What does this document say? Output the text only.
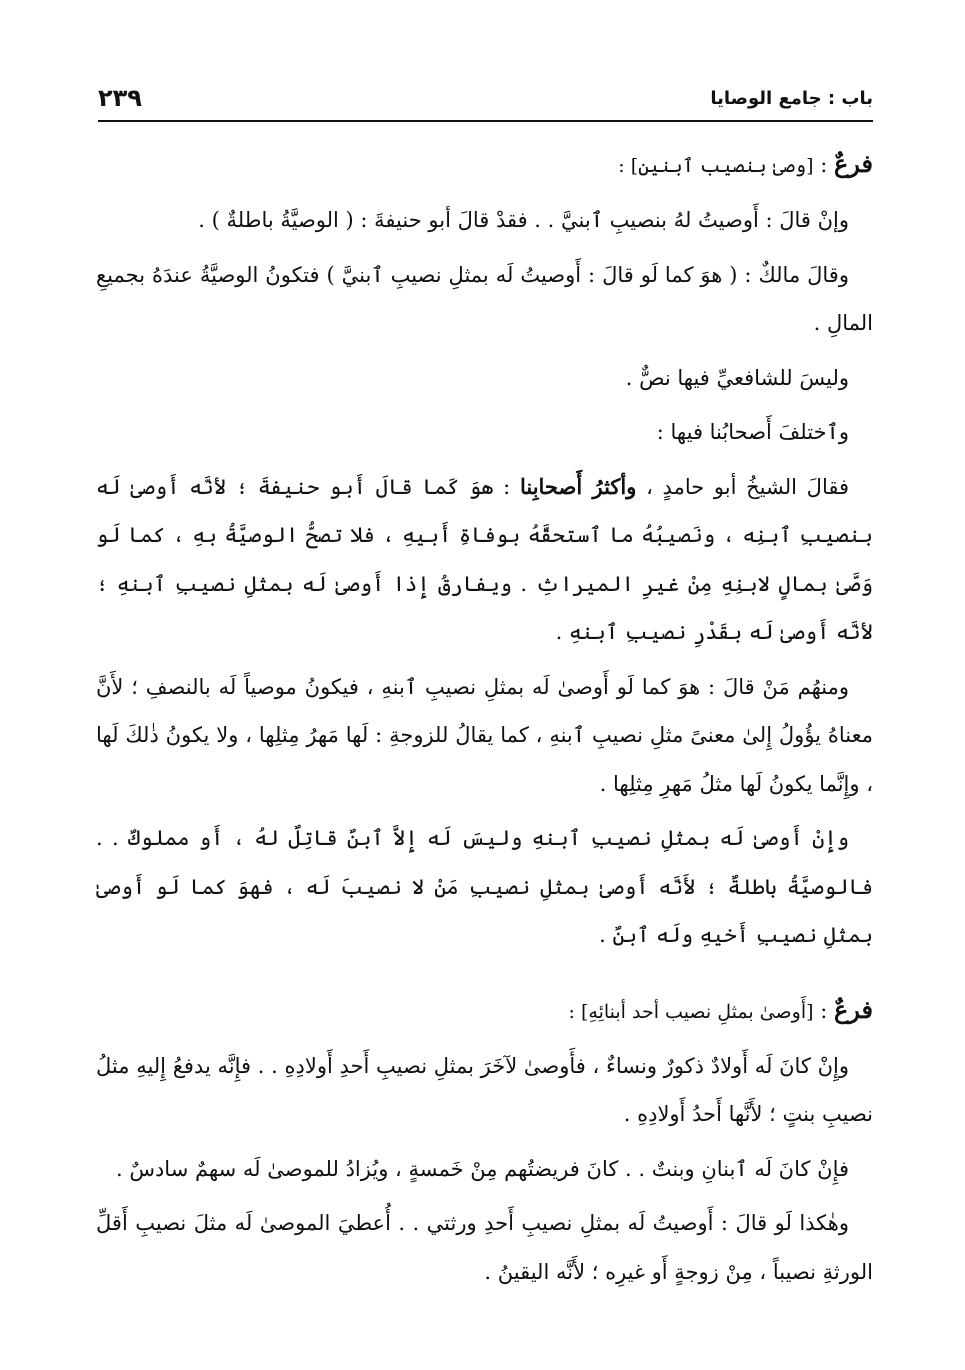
باب : جامع الوصايا
٢٣٩
فرعٌ : [وصىٰ بنصيب ٱبنين] :

وإنْ قالَ : أَوصيتُ لهُ بنصيبِ ٱبنيَّ . . فقدْ قالَ أبو حنيفةَ : ( الوصيَّةُ باطلةٌ ) .

وقالَ مالكٌ : ( هوَ كما لَو قالَ : أَوصيتُ لَه بمثلِ نصيبِ ٱبنيَّ ) فتكونُ الوصيَّةُ عندَهُ بجميعِ المالِ .

وليسَ للشافعيِّ فيها نصٌّ .

وٱختلفَ أَصحابُنا فيها :

فقالَ الشيخُ أبو حامدٍ ، وأكثرُ أَصحابِنا : هوَ كَما قالَ أَبو حنيفةَ ؛ لأنَّه أَوصىٰ لَه بنصيبِ ٱبنِه ، ونَصيبُهُ ما ٱستحقَّهُ بوفاةِ أَبيهِ ، فلا تصحُّ الوصيَّةُ بهِ ، كما لَو وَصَّىٰ بمالٍ لابنِهِ مِنْ غيرِ الميراثِ . ويفارقُ إِذا أَوصىٰ لَه بمثلِ نصيبِ ٱبنهِ ؛ لأنَّه أَوصىٰ لَه بقَدْرِ نصيبِ ٱبنهِ .

ومنهُم مَنْ قالَ : هوَ كما لَو أَوصىٰ لَه بمثلِ نصيبِ ٱبنهِ ، فيكونُ موصياً لَه بالنصفِ ؛ لأَنَّ معناهُ يؤُولُ إِلىٰ معنىً مثلِ نصيبِ ٱبنهِ ، كما يقالُ للزوجةِ : لَها مَهرُ مِثلِها ، ولا يكونُ ذٰلكَ لَها ، وإِنَّما يكونُ لَها مثلُ مَهرِ مِثلِها .

وإِنْ أَوصىٰ لَه بمثلِ نصيبِ ٱبنهِ وليسَ لَه إِلاَّ ٱبنٌ قاتِلٌ لهُ ، أَو مملوكٌ . . فالوصيَّةُ باطلةٌ ؛ لأَنَّه أَوصىٰ بمثلِ نصيبِ مَنْ لا نصيبَ لَه ، فهوَ كما لَو أَوصىٰ بمثلِ نصيبِ أَخيهِ ولَه ٱبنٌ .

فرعٌ : [أَوصىٰ بمثلِ نصيب أحد أبنائِهِ] :

وإِنْ كانَ لَه أَولادٌ ذكورٌ ونساءٌ ، فأَوصىٰ لآخَرَ بمثلِ نصيبِ أَحدِ أَولادِهِ . . فإِنَّه يدفعُ إِليهِ مثلُ نصيبِ بنتٍ ؛ لأَنَّها أَحدُ أَولادِهِ .

فإِنْ كانَ لَه ٱبنانِ وبنتٌ . . كانَ فريضتُهم مِنْ خَمسةٍ ، ويُزادُ للموصىٰ لَه سهمٌ سادسٌ .

وهٰكذا لَو قالَ : أَوصيتُ لَه بمثلِ نصيبِ أَحدِ ورثتي . . أُعطيَ الموصىٰ لَه مثلَ نصيبِ أَقلِّ الورثةِ نصيباً ، مِنْ زوجةٍ أَو غيرِه ؛ لأَنَّه اليقينُ .
